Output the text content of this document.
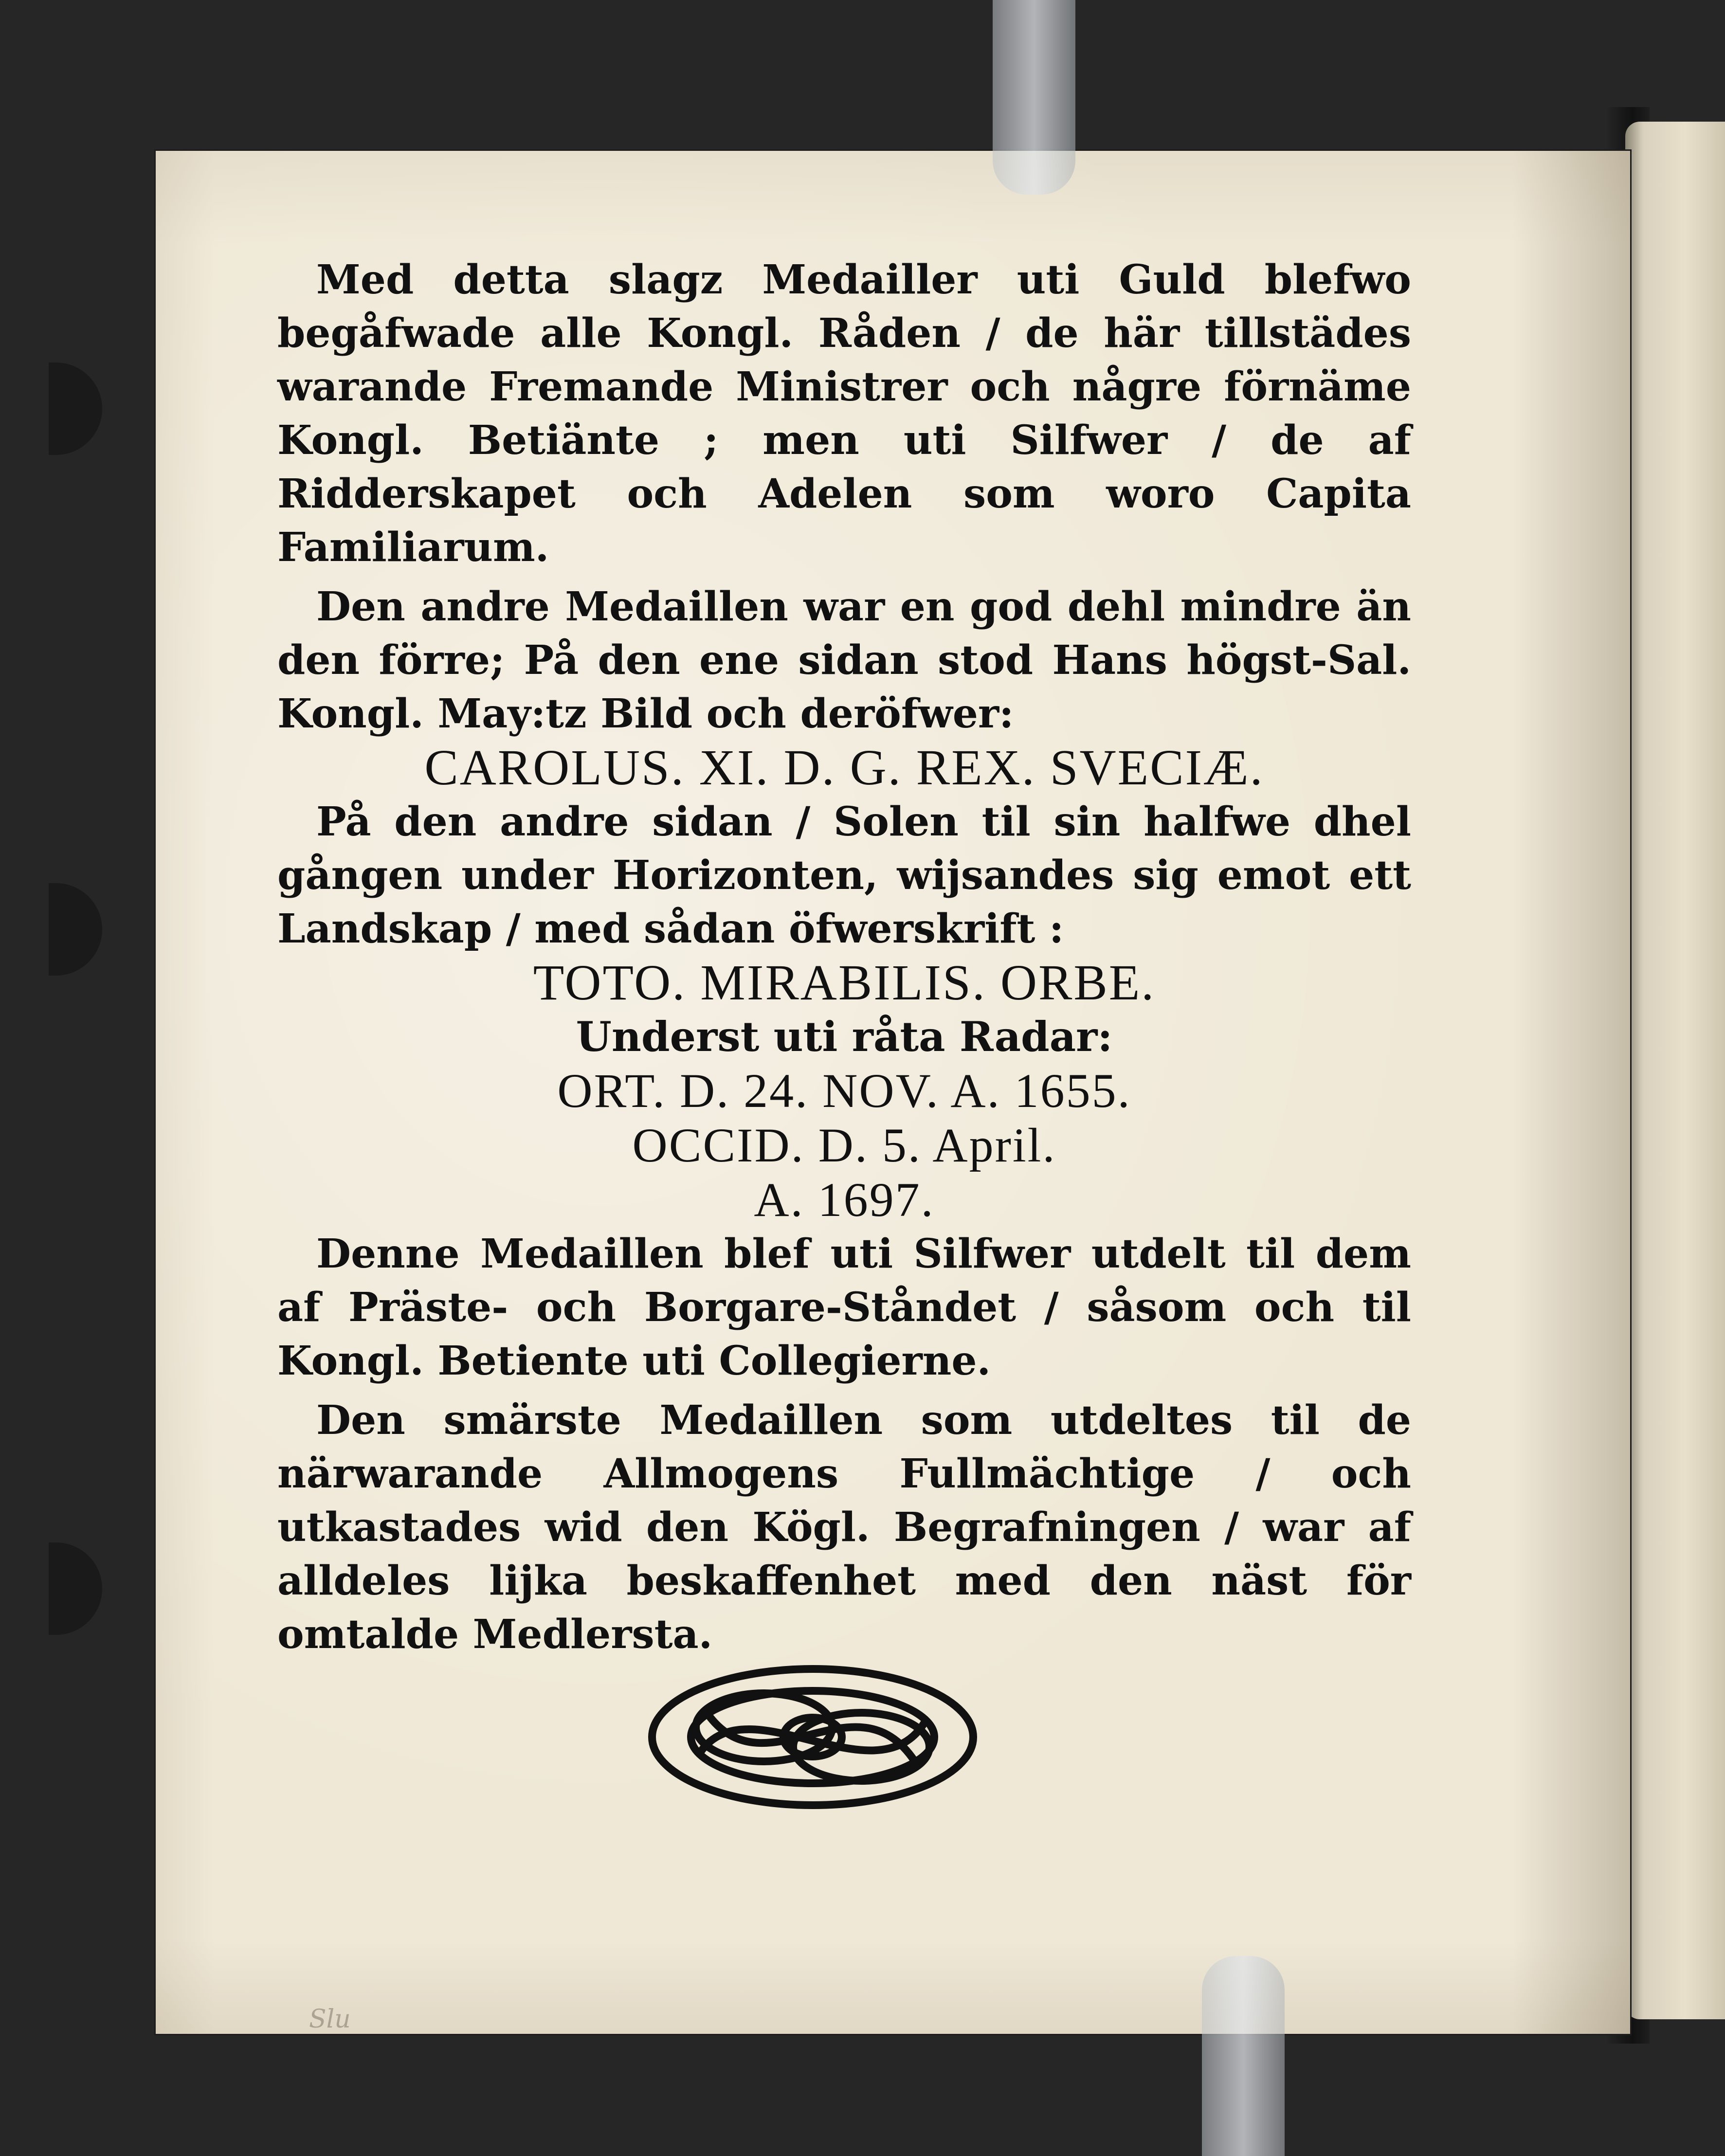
Med detta slagz Medailler uti Guld blefwo begåfwade alle Kongl. Råden / de här tillstädes warande Fremande Ministrer och någre förnäme Kongl. Betiänte ; men uti Silfwer / de af Ridderskapet och Adelen som woro Capita Familiarum.

Den andre Medaillen war en god dehl mindre än den förre; På den ene sidan stod Hans högst-Sal. Kongl. May:tz Bild och deröfwer:

CAROLUS. XI. D. G. REX. SVECIÆ.

På den andre sidan / Solen til sin halfwe dhel gången under Horizonten, wijsandes sig emot ett Landskap / med sådan öfwerskrift :

TOTO. MIRABILIS. ORBE.
Underst uti råta Radar:
ORT. D. 24. NOV. A. 1655.
OCCID. D. 5. April.
A. 1697.

Denne Medaillen blef uti Silfwer utdelt til dem af Präste- och Borgare-Ståndet / såsom och til Kongl. Betiente uti Collegierne.

Den smärste Medaillen som utdeltes til de närwarande Allmogens Fullmächtige / och utkastades wid den Kögl. Begrafningen / war af alldeles lijka beskaffenhet med den näst för omtalde Medlersta.

Slu
